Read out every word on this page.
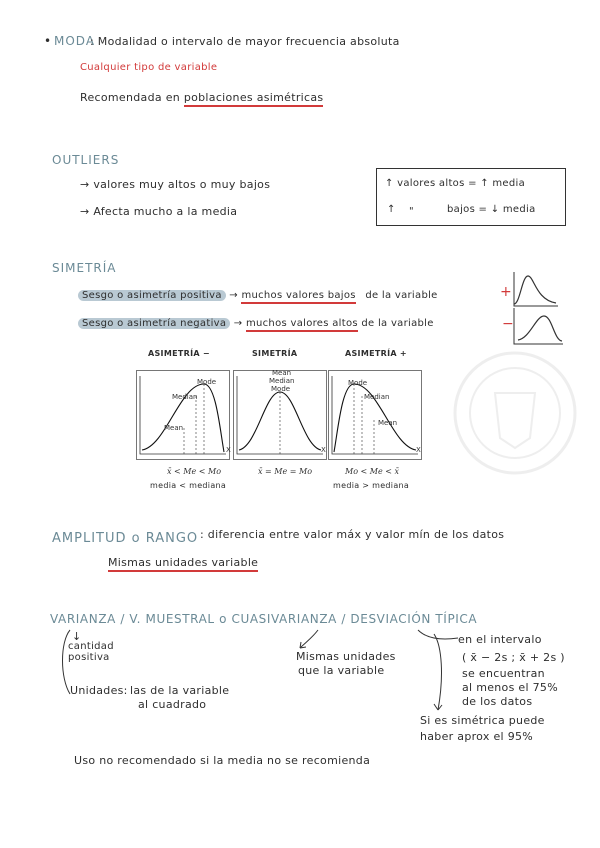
• MODA
: Modalidad o intervalo de mayor frecuencia absoluta
Cualquier tipo de variable
Recomendada en poblaciones asimétricas
OUTLIERS
→ valores muy altos o muy bajos
→ Afecta mucho a la media
↑ valores altos = ↑ media
↑ "	bajos = ↓ media
SIMETRÍA
Sesgo o asimetría positiva → muchos valores bajos de la variable
Sesgo o asimetría negativa → muchos valores altos de la variable
+
−
ASIMETRÍA −	SIMETRÍA	ASIMETRÍA +
Mode
Median
Mean
X
Mean
Median
Mode
X
Mode
Median
Mean
X
x̄ < Me < Mo	x̄ = Me = Mo	Mo < Me < x̄
media < mediana	media > mediana
AMPLITUD o RANGO : diferencia entre valor máx y valor mín de los datos
Mismas unidades variable
VARIANZA / V. MUESTRAL o CUASIVARIANZA / DESVIACIÓN TÍPICA
↓
cantidad
positiva
Unidades: las de la variable
al cuadrado
Mismas unidades
que la variable
en el intervalo
( x̄ − 2s ; x̄ + 2s )
se encuentran
al menos el 75%
de los datos
Si es simétrica puede
haber aprox el 95%
Uso no recomendado si la media no se recomienda
